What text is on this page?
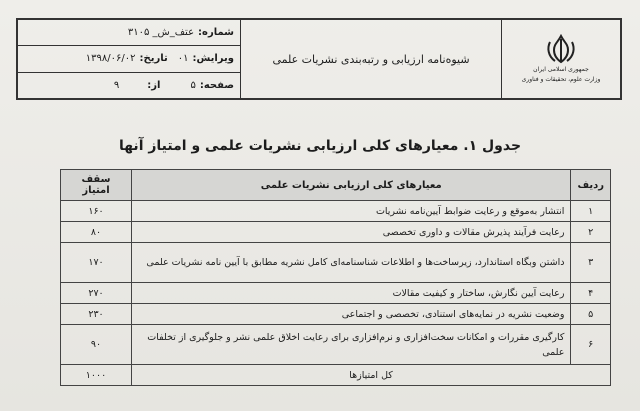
جمهوری اسلامی ایران
وزارت علوم، تحقیقات و فناوری
شیوه‌نامه ارزیابی و رتبه‌بندی نشریات علمی
شماره:
عتف_ش_ ۳۱۰۵
ویرایش:
۰۱
تاریخ:
۱۳۹۸/۰۶/۰۲
صفحه:
۵
از:
۹
جدول ۱. معیارهای کلی ارزیابی نشریات علمی و امتیاز آنها
ردیف	معیارهای کلی ارزیابی نشریات علمی	سقف امتیاز
۱	انتشار به‌موقع و رعایت ضوابط آیین‌نامه نشریات	۱۶۰
۲	رعایت فرآیند پذیرش مقالات و داوری تخصصی	۸۰
۳	داشتن وبگاه استاندارد، زیرساخت‌ها و اطلاعات شناسنامه‌ای کامل نشریه مطابق با آیین نامه نشریات علمی	۱۷۰
۴	رعایت آیین نگارش، ساختار و کیفیت مقالات	۲۷۰
۵	وضعیت نشریه در نمایه‌های استنادی، تخصصی و اجتماعی	۲۳۰
۶	کارگیری مقررات و امکانات سخت‌افزاری و نرم‌افزاری برای رعایت اخلاق علمی نشر و جلوگیری از تخلفات علمی	۹۰
کل امتیازها		۱۰۰۰
